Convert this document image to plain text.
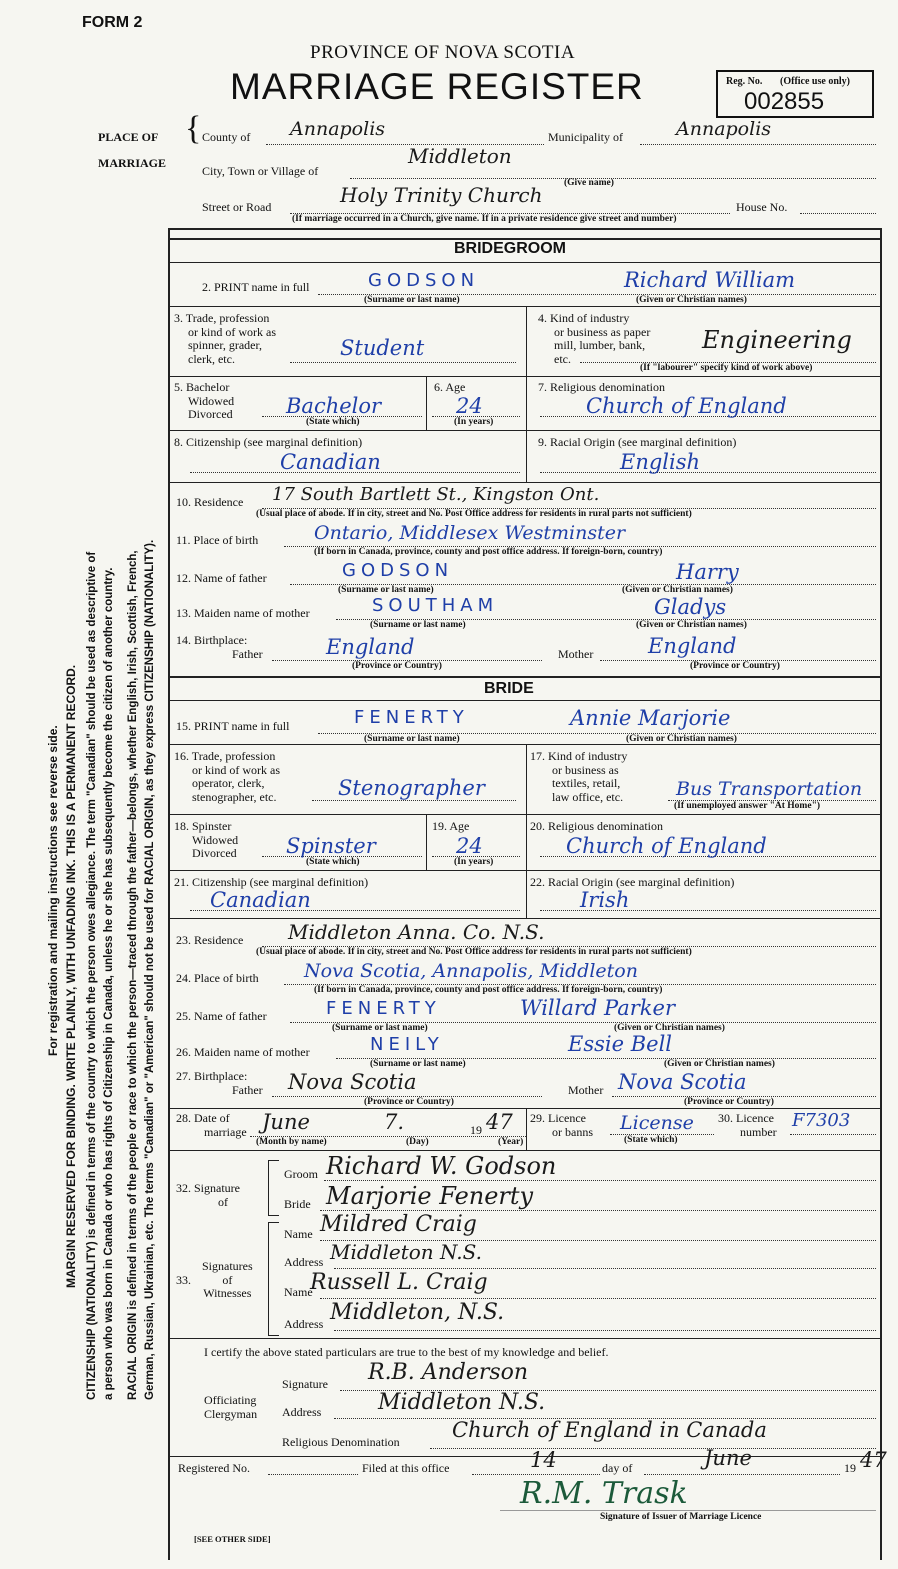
FORM 2
PROVINCE OF NOVA SCOTIA
MARRIAGE REGISTER	Reg. No. (Office use only)
002855
PLACE OF
MARRIAGE
{ County of Annapolis	Municipality of	Annapolis
City, Town or Village of
Middleton
Street or Road	Holy Trinity Church (Give name)
House No.
(If marriage occurred in a Church, give name. If in a private residence give street and number)
For registration and mailing instructions see reverse side. MARGIN RESERVED FOR BINDING. WRITE PLAINLY, WITH UNFADING INK. THIS IS A PERMANENT RECORD. CITIZENSHIP (NATIONALITY) is defined in terms of the country to which the person owes allegiance. The term "Canadian" should be used as descriptive of a person who was born in Canada or who has rights of Citizenship in Canada, unless he or she has subsequently become the citizen of another country. RACIAL ORIGIN is defined in terms of the people or race to which the person—traced through the father—belongs, whether English, Irish, Scottish, French, German, Russian, Ukrainian, etc. The terms "Canadian" or "American" should not be used for RACIAL ORIGIN, as they express CITIZENSHIP (NATIONALITY).
BRIDEGROOM
2. PRINT name in full	GODSON	Richard William
(Surname or last name)	(Given or Christian names)
3. Trade, profession
or kind of work as
spinner, grader,
clerk, etc.	Student
4. Kind of industry
or business as paper
mill, lumber, bank,
etc.
Engineering
(If "labourer" specify kind of work above)
5. Bachelor
Widowed
Divorced	Bachelor
(State which)
6. Age
24
(In years)
7. Religious denomination
Church of England
8. Citizenship (see marginal definition)
Canadian
9. Racial Origin (see marginal definition)
English
10. Residence 17 South Bartlett St., Kingston Ont.
(Usual place of abode. If in city, street and No. Post Office address for residents in rural parts not sufficient)
11. Place of birth	Ontario, Middlesex Westminster
(If born in Canada, province, county and post office address. If foreign-born, country)
12. Name of father	GODSON	Harry
(Surname or last name)	(Given or Christian names)
13. Maiden name of mother	SOUTHAM	Gladys
(Surname or last name)	(Given or Christian names)
14. Birthplace:
Father	England
(Province or Country)
Mother	England
(Province or Country)
BRIDE
15. PRINT name in full	FENERTY	Annie Marjorie
(Surname or last name)	(Given or Christian names)
16. Trade, profession
or kind of work as
operator, clerk,
stenographer, etc.	Stenographer
17. Kind of industry
or business as
textiles, retail,
law office, etc.	Bus Transportation
(If unemployed answer "At Home")
18. Spinster
Widowed
Divorced Spinster
(State which)
19. Age
24
(In years)
20. Religious denomination
Church of England
21. Citizenship (see marginal definition)
Canadian
22. Racial Origin (see marginal definition)
Irish
23. Residence Middleton Anna. Co. N.S.
(Usual place of abode. If in city, street and No. Post Office address for residents in rural parts not sufficient)
24. Place of birth Nova Scotia, Annapolis, Middleton
(If born in Canada, province, county and post office address. If foreign-born, country)
25. Name of father	FENERTY	Willard Parker
(Surname or last name)	(Given or Christian names)
26. Maiden name of mother	NEILY	Essie Bell
(Surname or last name)	(Given or Christian names)
27. Birthplace:
Father Nova Scotia
(Province or Country)
Mother Nova Scotia
(Province or Country)
28. Date of
marriage June	7.	19 47
(Month by name)	(Day)	(Year)
29. Licence
or banns License
(State which)
30. Licence
number
F7303
32. Signature
of
Groom Richard W. Godson
Bride Marjorie Fenerty
Signatures
of
Witnesses
33.
Name Mildred Craig
Address Middleton N.S.
Name
Russell L. Craig
Address Middleton, N.S.
I certify the above stated particulars are true to the best of my knowledge and belief.
Signature R.B. Anderson
Officiating
Clergyman Address	Middleton N.S.
Religious Denomination Church of England in Canada
Registered No.	Filed at this office	14	day of	June	19 47
R.M. Trask
Signature of Issuer of Marriage Licence
[SEE OTHER SIDE]
